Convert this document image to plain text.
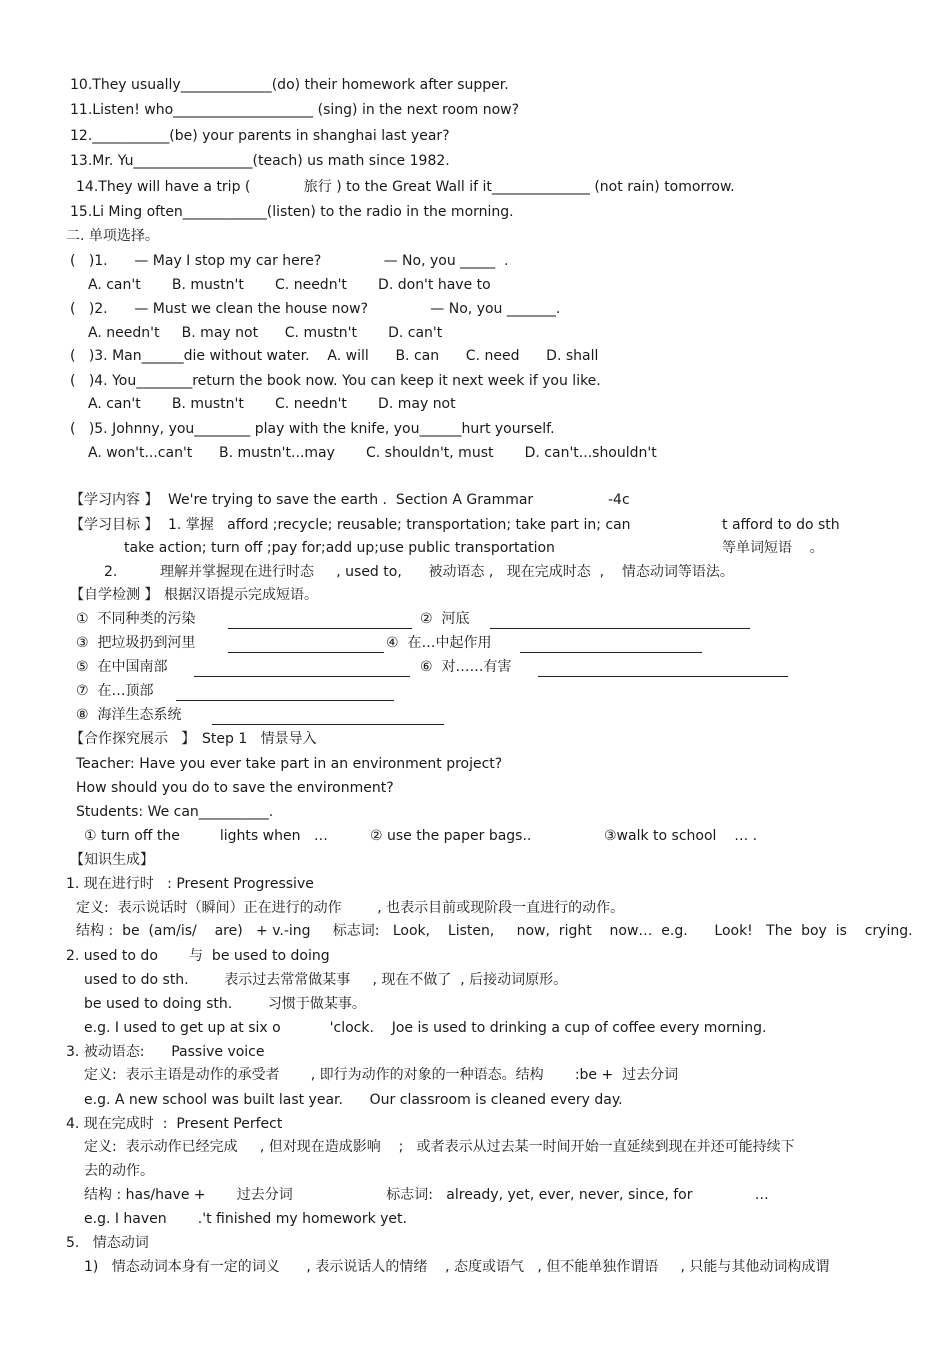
10.They usually_____________(do) their homework after supper.
11.Listen! who____________________ (sing) in the next room now?
12.___________(be) your parents in shanghai last year?
13.Mr. Yu_________________(teach) us math since 1982.
14.They will have a trip (            旅行 ) to the Great Wall if it______________ (not rain) tomorrow.
15.Li Ming often____________(listen) to the radio in the morning.
二. 单项选择。
(   )1.      — May I stop my car here?              — No, you _____  .
A. can't       B. mustn't       C. needn't       D. don't have to
(   )2.      — Must we clean the house now?              — No, you _______.
A. needn't     B. may not      C. mustn't       D. can't
(   )3. Man______die without water.    A. will      B. can      C. need      D. shall
(   )4. You________return the book now. You can keep it next week if you like.
A. can't       B. mustn't       C. needn't       D. may not
(   )5. Johnny, you________ play with the knife, you______hurt yourself.
A. won't...can't      B. mustn't...may       C. shouldn't, must       D. can't...shouldn't
【学习内容 】 We're trying to save the earth .  Section A Grammar	-4c
【学习目标 】 1. 掌握   afford ;recycle; reusable; transportation; take part in; can	t afford to do sth
take action; turn off ;pay for;add up;use public transportation	等单词短语    。
2.	理解并掌握现在进行时态     , used to,      被动语态 ,   现在完成时态  ,    情态动词等语法。
【自学检测 】 根据汉语提示完成短语。
① 不同种类的污染	② 河底
③ 把垃圾扔到河里	④ 在…中起作用
⑤ 在中国南部	⑥ 对……有害
⑦ 在…顶部
⑧ 海洋生态系统
【合作探究展示   】 Step 1   情景导入
Teacher: Have you ever take part in an environment project?
How should you do to save the environment?
Students: We can__________.
① turn off the         lights when   …	② use the paper bags..	③walk to school    … .
【知识生成】
1. 现在进行时   : Present Progressive
定义:  表示说话时（瞬间）正在进行的动作        , 也表示目前或现阶段一直进行的动作。
结构 :  be  (am/is/    are)   + v.-ing     标志词:   Look,    Listen,     now,  right    now…  e.g.      Look!   The  boy  is    crying.
2. used to do       与  be used to doing
used to do sth.        表示过去常常做某事     , 现在不做了  , 后接动词原形。
be used to doing sth.        习惯于做某事。
e.g. I used to get up at six o           'clock.    Joe is used to drinking a cup of coffee every morning.
3. 被动语态:      Passive voice
定义:  表示主语是动作的承受者       , 即行为动作的对象的一种语态。结构       :be +  过去分词
e.g. A new school was built last year.      Our classroom is cleaned every day.
4. 现在完成时  :  Present Perfect
定义:  表示动作已经完成     , 但对现在造成影响    ;   或者表示从过去某一时间开始一直延续到现在并还可能持续下
去的动作。
结构 : has/have +       过去分词                     标志词:   already, yet, ever, never, since, for              …
e.g. I haven       .'t finished my homework yet.
5.   情态动词
1)   情态动词本身有一定的词义      , 表示说话人的情绪    , 态度或语气   , 但不能单独作谓语     , 只能与其他动词构成谓
